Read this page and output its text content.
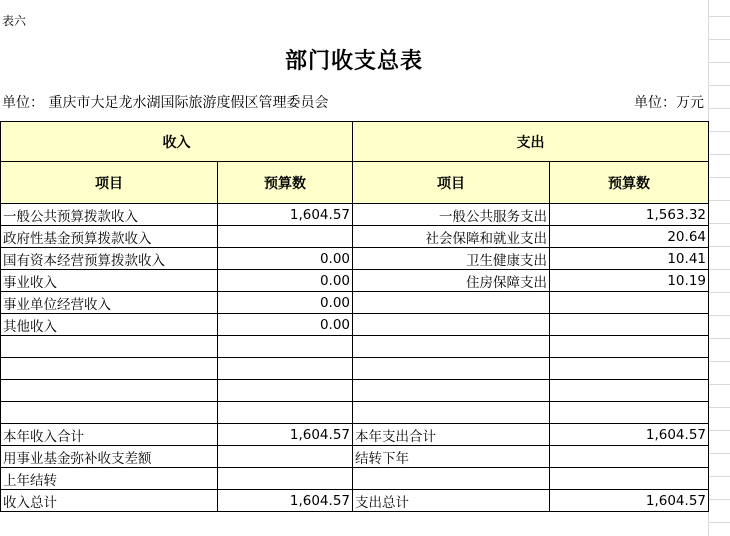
表六
部门收支总表
单位： 重庆市大足龙水湖国际旅游度假区管理委员会	单位：万元
收入		支出	
项目	预算数	项目	预算数
一般公共预算拨款收入	1,604.57	一般公共服务支出	1,563.32
政府性基金预算拨款收入		社会保障和就业支出	20.64
国有资本经营预算拨款收入	0.00	卫生健康支出	10.41
事业收入	0.00	住房保障支出	10.19
事业单位经营收入	0.00		
其他收入	0.00		

本年收入合计	1,604.57	本年支出合计	1,604.57
用事业基金弥补收支差额		结转下年	
上年结转			
收入总计	1,604.57	支出总计	1,604.57
